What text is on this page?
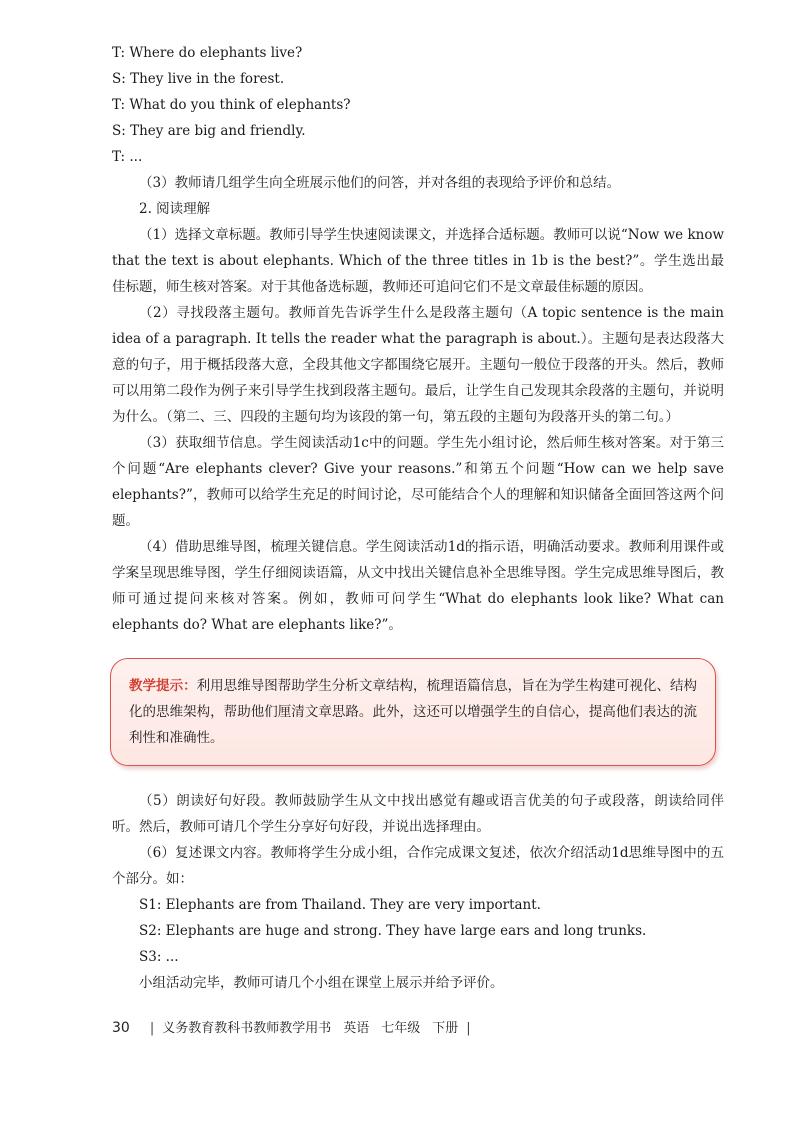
T: Where do elephants live?

S: They live in the forest.

T: What do you think of elephants?

S: They are big and friendly.

T: ...

（3）教师请几组学生向全班展示他们的问答，并对各组的表现给予评价和总结。

2. 阅读理解

（1）选择文章标题。教师引导学生快速阅读课文，并选择合适标题。教师可以说“Now we know that the text is about elephants. Which of the three titles in 1b is the best?”。学生选出最佳标题，师生核对答案。对于其他备选标题，教师还可追问它们不是文章最佳标题的原因。

（2）寻找段落主题句。教师首先告诉学生什么是段落主题句（A topic sentence is the main idea of a paragraph. It tells the reader what the paragraph is about.）。主题句是表达段落大意的句子，用于概括段落大意，全段其他文字都围绕它展开。主题句一般位于段落的开头。然后，教师可以用第二段作为例子来引导学生找到段落主题句。最后，让学生自己发现其余段落的主题句，并说明为什么。（第二、三、四段的主题句均为该段的第一句，第五段的主题句为段落开头的第二句。）

（3）获取细节信息。学生阅读活动1c中的问题。学生先小组讨论，然后师生核对答案。对于第三个问题“Are elephants clever? Give your reasons.”和第五个问题“How can we help save elephants?”，教师可以给学生充足的时间讨论，尽可能结合个人的理解和知识储备全面回答这两个问题。

（4）借助思维导图，梳理关键信息。学生阅读活动1d的指示语，明确活动要求。教师利用课件或学案呈现思维导图，学生仔细阅读语篇，从文中找出关键信息补全思维导图。学生完成思维导图后，教师可通过提问来核对答案。例如，教师可问学生“What do elephants look like? What can elephants do? What are elephants like?”。

教学提示：利用思维导图帮助学生分析文章结构，梳理语篇信息，旨在为学生构建可视化、结构化的思维架构，帮助他们厘清文章思路。此外，这还可以增强学生的自信心，提高他们表达的流利性和准确性。

（5）朗读好句好段。教师鼓励学生从文中找出感觉有趣或语言优美的句子或段落，朗读给同伴听。然后，教师可请几个学生分享好句好段，并说出选择理由。

（6）复述课文内容。教师将学生分成小组，合作完成课文复述，依次介绍活动1d思维导图中的五个部分。如：

S1: Elephants are from Thailand. They are very important.

S2: Elephants are huge and strong. They have large ears and long trunks.

S3: ...

小组活动完毕，教师可请几个小组在课堂上展示并给予评价。

30 | 义务教育教科书教师教学用书 英语 七年级 下册 |
